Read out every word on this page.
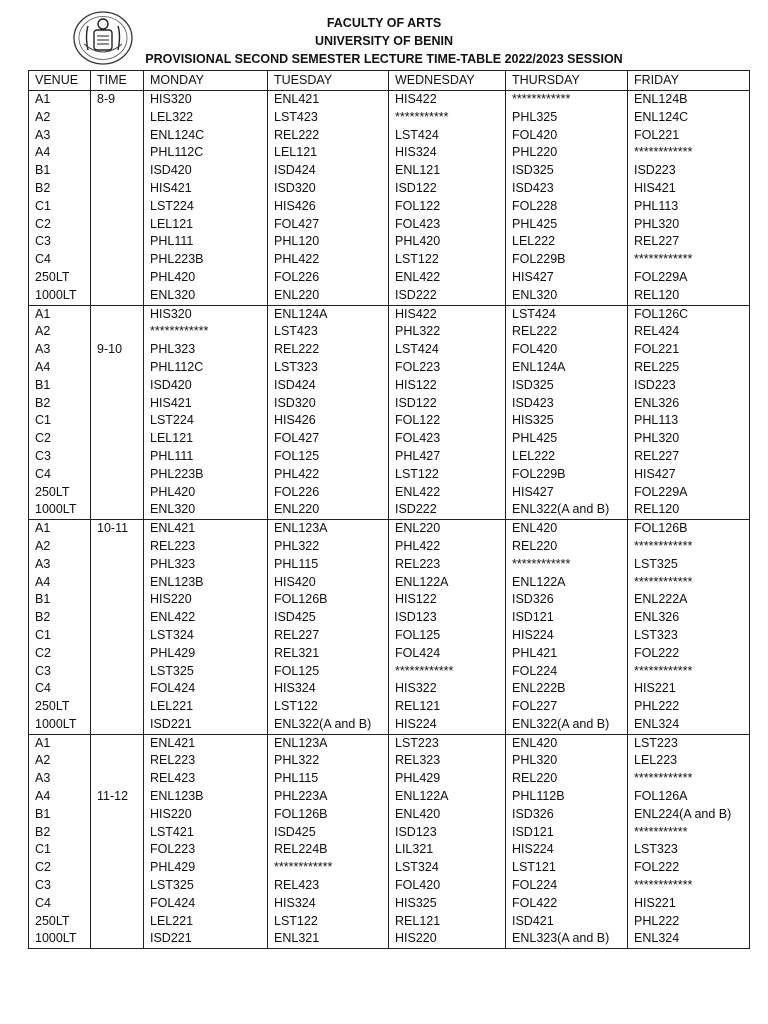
FACULTY OF ARTS
UNIVERSITY OF BENIN
PROVISIONAL SECOND SEMESTER LECTURE TIME-TABLE 2022/2023 SESSION
VENUE	TIME	MONDAY	TUESDAY	WEDNESDAY	THURSDAY	FRIDAY
A1	8-9	HIS320	ENL421	HIS422	************	ENL124B
A2		LEL322	LST423	***********	PHL325	ENL124C
A3		ENL124C	REL222	LST424	FOL420	FOL221
A4		PHL112C	LEL121	HIS324	PHL220	************
B1		ISD420	ISD424	ENL121	ISD325	ISD223
B2		HIS421	ISD320	ISD122	ISD423	HIS421
C1		LST224	HIS426	FOL122	FOL228	PHL113
C2		LEL121	FOL427	FOL423	PHL425	PHL320
C3		PHL111	PHL120	PHL420	LEL222	REL227
C4		PHL223B	PHL422	LST122	FOL229B	************
250LT		PHL420	FOL226	ENL422	HIS427	FOL229A
1000LT		ENL320	ENL220	ISD222	ENL320	REL120
A1		HIS320	ENL124A	HIS422	LST424	FOL126C
A2		************	LST423	PHL322	REL222	REL424
A3	9-10	PHL323	REL222	LST424	FOL420	FOL221
A4		PHL112C	LST323	FOL223	ENL124A	REL225
B1		ISD420	ISD424	HIS122	ISD325	ISD223
B2		HIS421	ISD320	ISD122	ISD423	ENL326
C1		LST224	HIS426	FOL122	HIS325	PHL113
C2		LEL121	FOL427	FOL423	PHL425	PHL320
C3		PHL111	FOL125	PHL427	LEL222	REL227
C4		PHL223B	PHL422	LST122	FOL229B	HIS427
250LT		PHL420	FOL226	ENL422	HIS427	FOL229A
1000LT		ENL320	ENL220	ISD222	ENL322(A and B)	REL120
A1	10-11	ENL421	ENL123A	ENL220	ENL420	FOL126B
A2		REL223	PHL322	PHL422	REL220	************
A3		PHL323	PHL115	REL223	************	LST325
A4		ENL123B	HIS420	ENL122A	ENL122A	************
B1		HIS220	FOL126B	HIS122	ISD326	ENL222A
B2		ENL422	ISD425	ISD123	ISD121	ENL326
C1		LST324	REL227	FOL125	HIS224	LST323
C2		PHL429	REL321	FOL424	PHL421	FOL222
C3		LST325	FOL125	************	FOL224	************
C4		FOL424	HIS324	HIS322	ENL222B	HIS221
250LT		LEL221	LST122	REL121	FOL227	PHL222
1000LT		ISD221	ENL322(A and B)	HIS224	ENL322(A and B)	ENL324
A1		ENL421	ENL123A	LST223	ENL420	LST223
A2		REL223	PHL322	REL323	PHL320	LEL223
A3		REL423	PHL115	PHL429	REL220	************
A4	11-12	ENL123B	PHL223A	ENL122A	PHL112B	FOL126A
B1		HIS220	FOL126B	ENL420	ISD326	ENL224(A and B)
B2		LST421	ISD425	ISD123	ISD121	***********
C1		FOL223	REL224B	LIL321	HIS224	LST323
C2		PHL429	************	LST324	LST121	FOL222
C3		LST325	REL423	FOL420	FOL224	************
C4		FOL424	HIS324	HIS325	FOL422	HIS221
250LT		LEL221	LST122	REL121	ISD421	PHL222
1000LT		ISD221	ENL321	HIS220	ENL323(A and B)	ENL324
